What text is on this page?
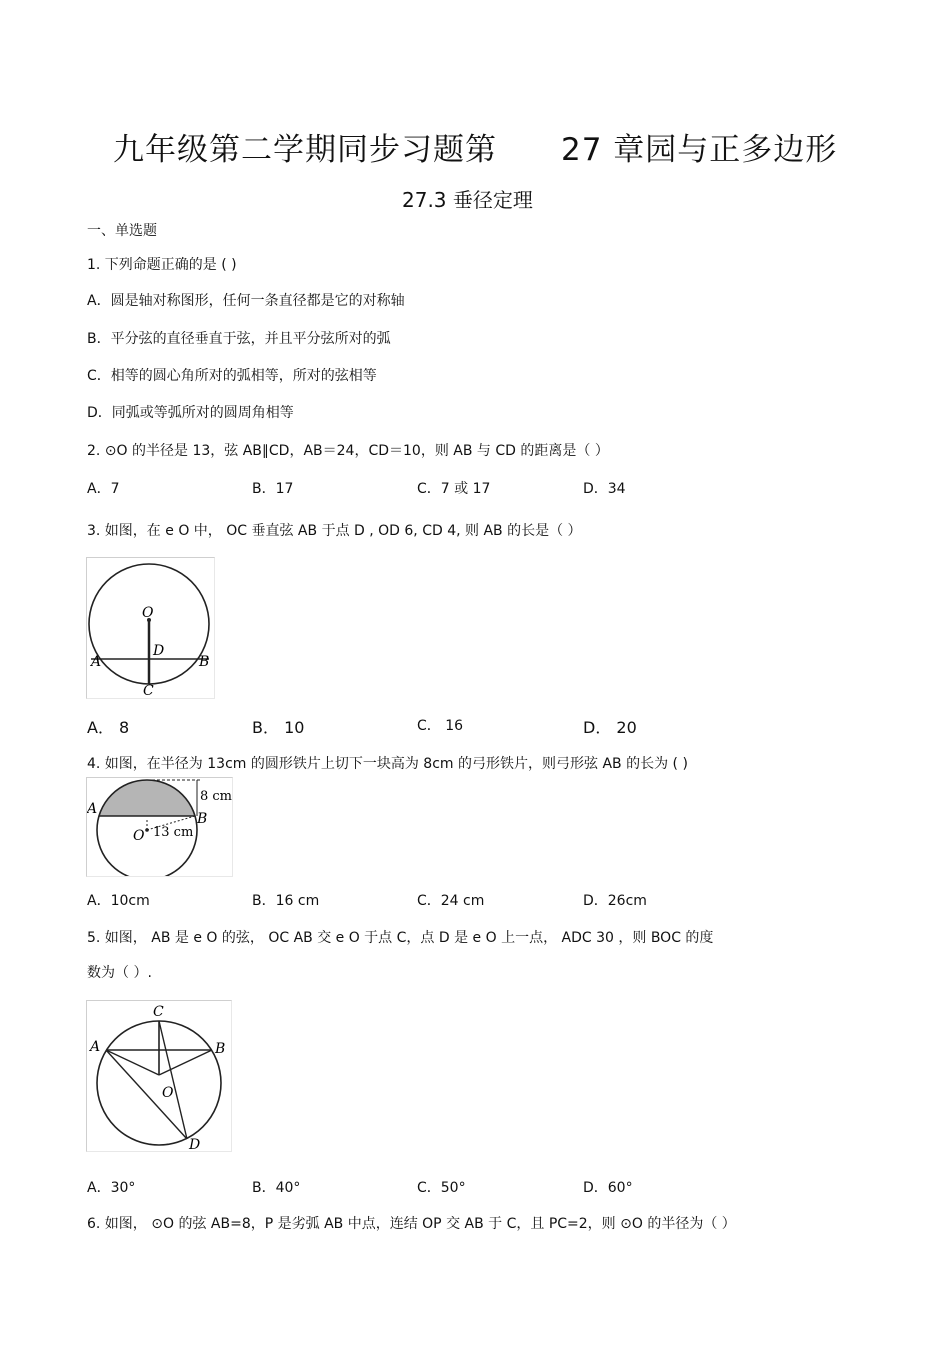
九年级第二学期同步习题第　　27 章园与正多边形
27.3 垂径定理
一、单选题
1. 下列命题正确的是 ( )
A．圆是轴对称图形，任何一条直径都是它的对称轴
B．平分弦的直径垂直于弦，并且平分弦所对的弧
C．相等的圆心角所对的弧相等，所对的弦相等
D．同弧或等弧所对的圆周角相等
2. ⊙O 的半径是 13，弦 AB∥CD，AB＝24，CD＝10，则 AB 与 CD 的距离是（ ）
A．7	B．17	C．7 或 17	D．34
3. 如图，在 e O 中， OC 垂直弦 AB 于点 D , OD 6, CD 4, 则 AB 的长是（ ）
O
D
A	B
C
A． 8	B． 10	C． 16	D． 20
4. 如图，在半径为 13cm 的圆形铁片上切下一块高为 8cm 的弓形铁片，则弓形弦 AB 的长为 ( )
A
B
O
8 cm
13 cm
A．10cm	B．16 cm	C．24 cm	D．26cm
5. 如图， AB 是 e O 的弦， OC AB 交 e O 于点 C，点 D 是 e O 上一点， ADC 30 ，则 BOC 的度
数为（ ）.
C
A	B
O
D
A．30°	B．40°	C．50°	D．60°
6. 如图， ⊙O 的弦 AB=8，P 是劣弧 AB 中点，连结 OP 交 AB 于 C，且 PC=2，则 ⊙O 的半径为（ ）
